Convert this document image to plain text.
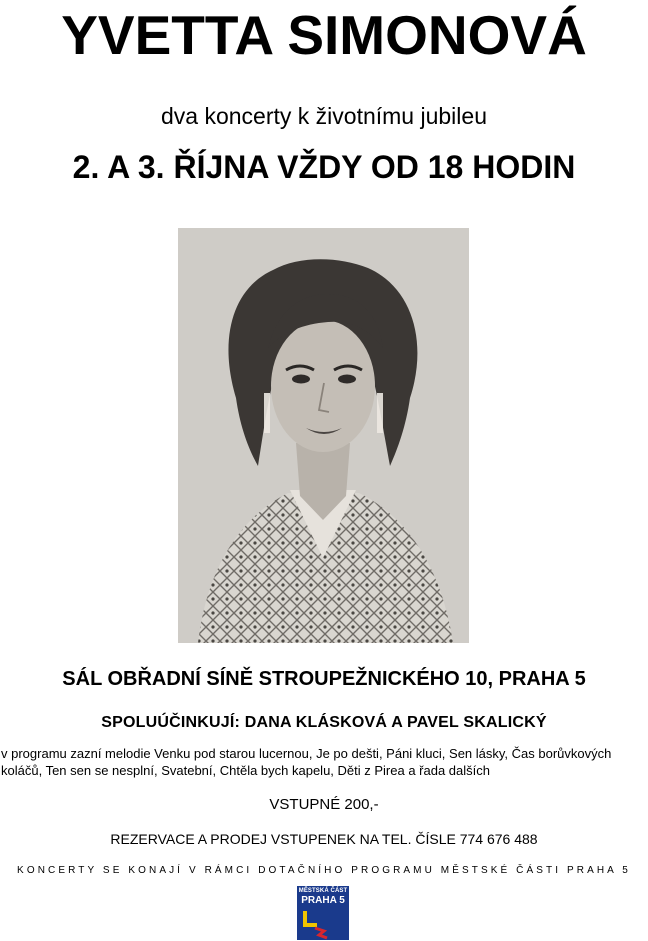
YVETTA SIMONOVÁ
dva koncerty k životnímu jubileu
2. A 3. ŘÍJNA VŽDY OD 18 HODIN
SÁL OBŘADNÍ SÍNĚ STROUPEŽNICKÉHO 10, PRAHA 5
SPOLUÚČINKUJÍ: DANA KLÁSKOVÁ A PAVEL SKALICKÝ
v programu zazní melodie Venku pod starou lucernou, Je po dešti, Páni kluci, Sen lásky, Čas borůvkových koláčů, Ten sen se nesplní, Svatební, Chtěla bych kapelu, Děti z Pirea a řada dalších
VSTUPNÉ 200,-
REZERVACE A PRODEJ VSTUPENEK NA TEL. ČÍSLE 774 676 488
KONCERTY SE KONAJÍ V RÁMCI DOTAČNÍHO PROGRAMU MĚSTSKÉ ČÁSTI PRAHA 5
MĚSTSKÁ ČÁST
PRAHA 5
